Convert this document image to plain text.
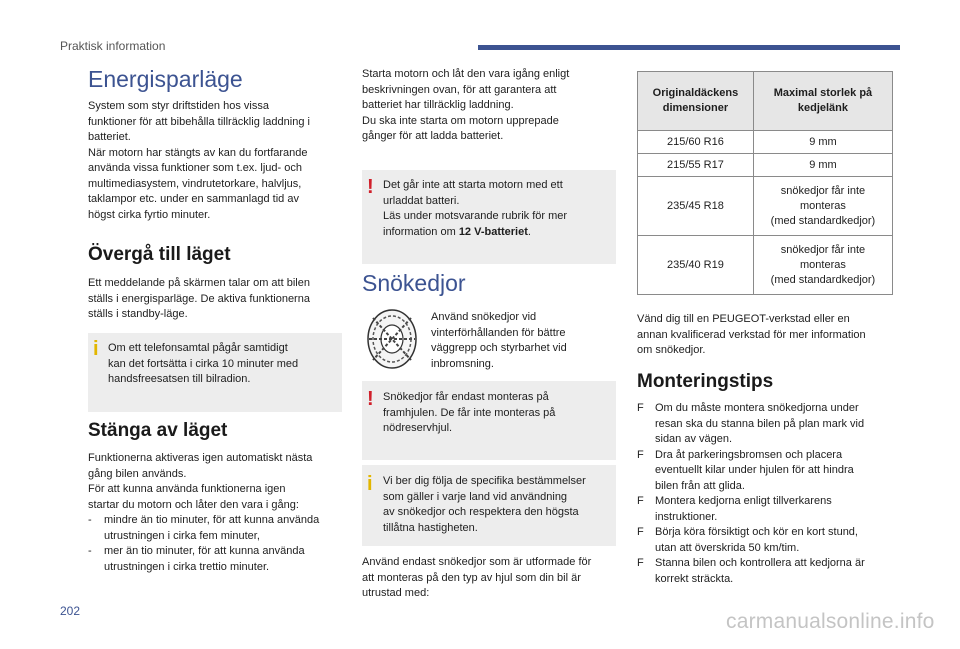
Praktisk information
Energisparläge

System som styr driftstiden hos vissa
funktioner för att bibehålla tillräcklig laddning i
batteriet.
När motorn har stängts av kan du fortfarande
använda vissa funktioner som t.ex. ljud- och
multimediasystem, vindrutetorkare, halvljus,
taklampor etc. under en sammanlagd tid av
högst cirka fyrtio minuter.

Övergå till läget

Ett meddelande på skärmen talar om att bilen
ställs i energisparläge. De aktiva funktionerna
ställs i standby-läge.

i Om ett telefonsamtal pågår samtidigt
kan det fortsätta i cirka 10 minuter med
handsfreesatsen till bilradion.

Stänga av läget

Funktionerna aktiveras igen automatiskt nästa
gång bilen används.
För att kunna använda funktionerna igen
startar du motorn och låter den vara i gång:

- mindre än tio minuter, för att kunna använda
utrustningen i cirka fem minuter,
- mer än tio minuter, för att kunna använda
utrustningen i cirka trettio minuter.

Starta motorn och låt den vara igång enligt
beskrivningen ovan, för att garantera att
batteriet har tillräcklig laddning.
Du ska inte starta om motorn upprepade
gånger för att ladda batteriet.

! Det går inte att starta motorn med ett
urladdat batteri.
Läs under motsvarande rubrik för mer
information om 12 V-batteriet.

Snökedjor

Använd snökedjor vid
vinterförhållanden för bättre
väggrepp och styrbarhet vid
inbromsning.

! Snökedjor får endast monteras på
framhjulen. De får inte monteras på
nödreservhjul.

i Vi ber dig följa de specifika bestämmelser
som gäller i varje land vid användning
av snökedjor och respektera den högsta
tillåtna hastigheten.

Använd endast snökedjor som är utformade för
att monteras på den typ av hjul som din bil är
utrustad med:

Originaldäckens
dimensioner	Maximal storlek på
kedjelänk
215/60 R16	9 mm
215/55 R17	9 mm
235/45 R18	snökedjor får inte
monteras
(med standardkedjor)
235/40 R19	snökedjor får inte
monteras
(med standardkedjor)

Vänd dig till en PEUGEOT-verkstad eller en
annan kvalificerad verkstad för mer information
om snökedjor.

Monteringstips
F Om du måste montera snökedjorna under
resan ska du stanna bilen på plan mark vid
sidan av vägen.
F Dra åt parkeringsbromsen och placera
eventuellt kilar under hjulen för att hindra
bilen från att glida.
F Montera kedjorna enligt tillverkarens
instruktioner.
F Börja köra försiktigt och kör en kort stund,
utan att överskrida 50 km/tim.
F Stanna bilen och kontrollera att kedjorna är
korrekt sträckta.
202	carmanualsonline.info
